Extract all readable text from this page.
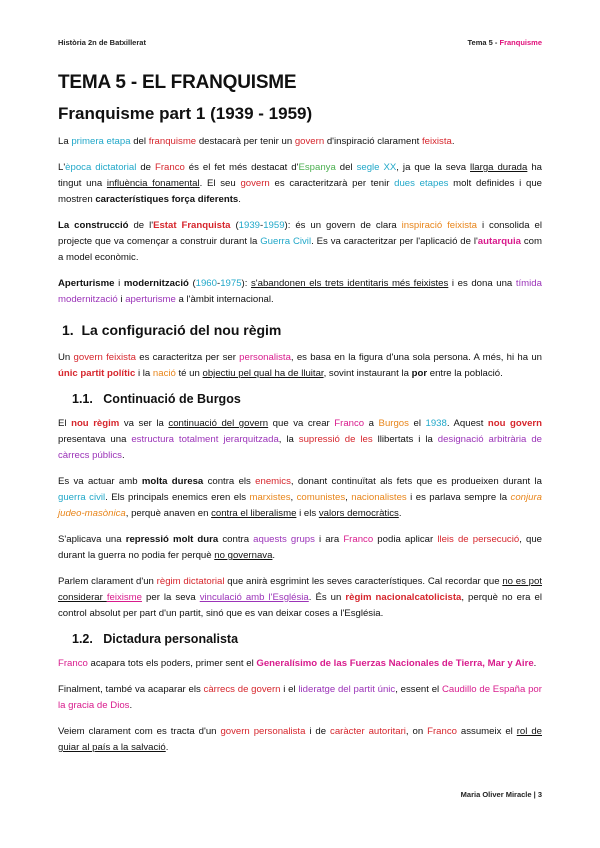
Història 2n de Batxillerat	Tema 5 - Franquisme
TEMA 5 - EL FRANQUISME
Franquisme part 1 (1939 - 1959)

La primera etapa del franquisme destacarà per tenir un govern d'inspiració clarament feixista.

L'època dictatorial de Franco és el fet més destacat d'Espanya del segle XX, ja que la seva llarga durada ha tingut una influència fonamental. El seu govern es caracteritzarà per tenir dues etapes molt definides i que mostren característiques força diferents.

La construcció de l'Estat Franquista (1939-1959): és un govern de clara inspiració feixista i consolida el projecte que va començar a construir durant la Guerra Civil. Es va caracteritzar per l'aplicació de l'autarquia com a model econòmic.

Aperturisme i modernització (1960-1975): s'abandonen els trets identitaris més feixistes i es dona una tímida modernització i aperturisme a l'àmbit internacional.

1. La configuració del nou règim

Un govern feixista es caracteritza per ser personalista, es basa en la figura d'una sola persona. A més, hi ha un únic partit polític i la nació té un objectiu pel qual ha de lluitar, sovint instaurant la por entre la població.

1.1. Continuació de Burgos

El nou règim va ser la continuació del govern que va crear Franco a Burgos el 1938. Aquest nou govern presentava una estructura totalment jerarquitzada, la supressió de les llibertats i la designació arbitrària de càrrecs públics.

Es va actuar amb molta duresa contra els enemics, donant continuïtat als fets que es produeixen durant la guerra civil. Els principals enemics eren els marxistes, comunistes, nacionalistes i es parlava sempre la conjura judeo-masònica, perquè anaven en contra el liberalisme i els valors democràtics.

S'aplicava una repressió molt dura contra aquests grups i ara Franco podia aplicar lleis de persecució, que durant la guerra no podia fer perquè no governava.

Parlem clarament d'un règim dictatorial que anirà esgrimint les seves característiques. Cal recordar que no es pot considerar feixisme per la seva vinculació amb l'Església. És un règim nacionalcatolicista, perquè no era el control absolut per part d'un partit, sinó que es van deixar coses a l'Església.

1.2. Dictadura personalista

Franco acapara tots els poders, primer sent el Generalísimo de las Fuerzas Nacionales de Tierra, Mar y Aire.

Finalment, també va acaparar els càrrecs de govern i el lideratge del partit únic, essent el Caudillo de España por la gracia de Dios.

Veiem clarament com es tracta d'un govern personalista i de caràcter autoritari, on Franco assumeix el rol de guiar al país a la salvació.

Maria Oliver Miracle | 3
